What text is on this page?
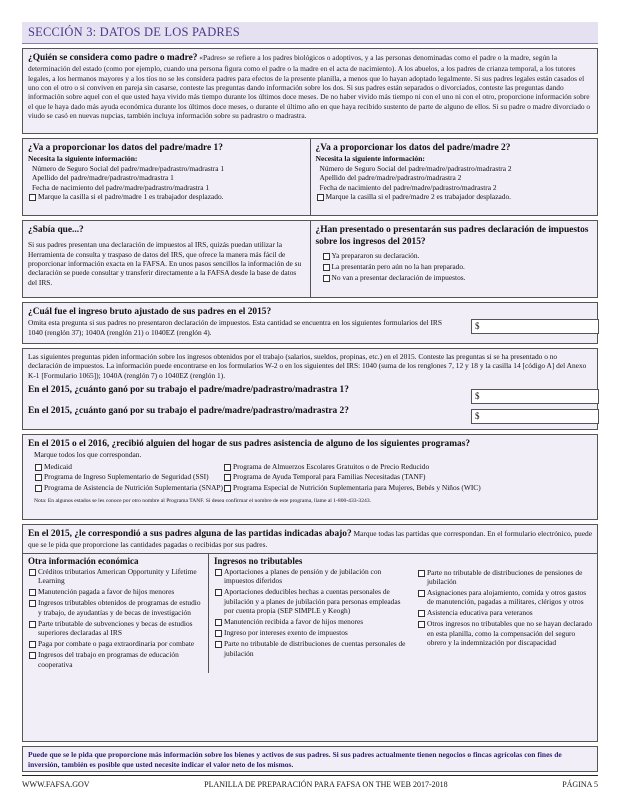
SECCIÓN 3: DATOS DE LOS PADRES
¿Quién se considera como padre o madre? «Padres» se refiere a los padres biológicos o adoptivos, y a las personas denominadas como el padre o la madre, según la determinación del estado (como por ejemplo, cuando una persona figura como el padre o la madre en el acta de nacimiento). A los abuelos, a los padres de crianza temporal, a los tutores legales, a los hermanos mayores y a los tíos no se les considera padres para efectos de la presente planilla, a menos que lo hayan adoptado legalmente. Si sus padres legales están casados el uno con el otro o si conviven en pareja sin casarse, conteste las preguntas dando información sobre los dos. Si sus padres están separados o divorciados, conteste las preguntas dando información sobre aquel con el que usted haya vivido más tiempo durante los últimos doce meses. De no haber vivido más tiempo ni con el uno ni con el otro, proporcione información sobre el que le haya dado más ayuda económica durante los últimos doce meses, o durante el último año en que haya recibido sustento de parte de alguno de ellos. Si su padre o madre divorciado o viudo se casó en nuevas nupcias, también incluya información sobre su padrastro o madrastra.
¿Va a proporcionar los datos del padre/madre 1?
Necesita la siguiente información:
Número de Seguro Social del padre/madre/padrastro/madrastra 1
Apellido del padre/madre/padrastro/madrastra 1
Fecha de nacimiento del padre/madre/padrastro/madrastra 1
Marque la casilla si el padre/madre 1 es trabajador desplazado.
¿Va a proporcionar los datos del padre/madre 2?
Necesita la siguiente información:
Número de Seguro Social del padre/madre/padrastro/madrastra 2
Apellido del padre/madre/padrastro/madrastra 2
Fecha de nacimiento del padre/madre/padrastro/madrastra 2
Marque la casilla si el padre/madre 2 es trabajador desplazado.
¿Sabía que...?
Si sus padres presentan una declaración de impuestos al IRS, quizás puedan utilizar la Herramienta de consulta y traspaso de datos del IRS, que ofrece la manera más fácil de proporcionar información exacta en la FAFSA. En unos pasos sencillos la información de su declaración se puede consultar y transferir directamente a la FAFSA desde la base de datos del IRS.
¿Han presentado o presentarán sus padres declaración de impuestos sobre los ingresos del 2015?
Ya prepararon su declaración.
La presentarán pero aún no la han preparado.
No van a presentar declaración de impuestos.
¿Cuál fue el ingreso bruto ajustado de sus padres en el 2015?
Omita esta pregunta si sus padres no presentaron declaración de impuestos. Esta cantidad se encuentra en los siguientes formularios del IRS 1040 (renglón 37); 1040A (renglón 21) o 1040EZ (renglón 4).
$
Las siguientes preguntas piden información sobre los ingresos obtenidos por el trabajo (salarios, sueldos, propinas, etc.) en el 2015. Conteste las preguntas si se ha presentado o no declaración de impuestos. La información puede encontrarse en los formularios W-2 o en los siguientes del IRS: 1040 (suma de los renglones 7, 12 y 18 y la casilla 14 [código A] del Anexo K-1 [Formulario 1065]); 1040A (renglón 7) o 1040EZ (renglón 1).
En el 2015, ¿cuánto ganó por su trabajo el padre/madre/padrastro/madrastra 1?
En el 2015, ¿cuánto ganó por su trabajo el padre/madre/padrastro/madrastra 2?
$
$
En el 2015 o el 2016, ¿recibió alguien del hogar de sus padres asistencia de alguno de los siguientes programas?
Marque todos los que correspondan.
Medicaid
Programa de Ingreso Suplementario de Seguridad (SSI)
Programa de Asistencia de Nutrición Suplementaria (SNAP)
Programa de Almuerzos Escolares Gratuitos o de Precio Reducido
Programa de Ayuda Temporal para Familias Necesitadas (TANF)
Programa Especial de Nutrición Suplementaria para Mujeres, Bebés y Niños (WIC)
Nota: En algunos estados se les conoce por otro nombre al Programa TANF. Si desea confirmar el nombre de este programa, llame al 1-800-433-3243.
En el 2015, ¿le correspondió a sus padres alguna de las partidas indicadas abajo? Marque todas las partidas que correspondan. En el formulario electrónico, puede que se le pida que proporcione las cantidades pagadas o recibidas por sus padres.
Otra información económica
Créditos tributarios American Opportunity y Lifetime Learning
Manutención pagada a favor de hijos menores
Ingresos tributables obtenidos de programas de estudio y trabajo, de ayudantías y de becas de investigación
Parte tributable de subvenciones y becas de estudios superiores declaradas al IRS
Paga por combate o paga extraordinaria por combate
Ingresos del trabajo en programas de educación cooperativa
Ingresos no tributables
Aportaciones a planes de pensión y de jubilación con impuestos diferidos
Aportaciones deducibles hechas a cuentas personales de jubilación y a planes de jubilación para personas empleadas por cuenta propia (SEP SIMPLE y Keogh)
Manutención recibida a favor de hijos menores
Ingreso por intereses exento de impuestos
Parte no tributable de distribuciones de cuentas personales de jubilación
Parte no tributable de distribuciones de pensiones de jubilación
Asignaciones para alojamiento, comida y otros gastos de manutención, pagadas a militares, clérigos y otros
Asistencia educativa para veteranos
Otros ingresos no tributables que no se hayan declarado en esta planilla, como la compensación del seguro obrero y la indemnización por discapacidad
Puede que se le pida que proporcione más información sobre los bienes y activos de sus padres. Si sus padres actualmente tienen negocios o fincas agrícolas con fines de inversión, también es posible que usted necesite indicar el valor neto de los mismos.
WWW.FAFSA.GOV	PLANILLA DE PREPARACIÓN PARA FAFSA ON THE WEB 2017-2018	PÁGINA 5
